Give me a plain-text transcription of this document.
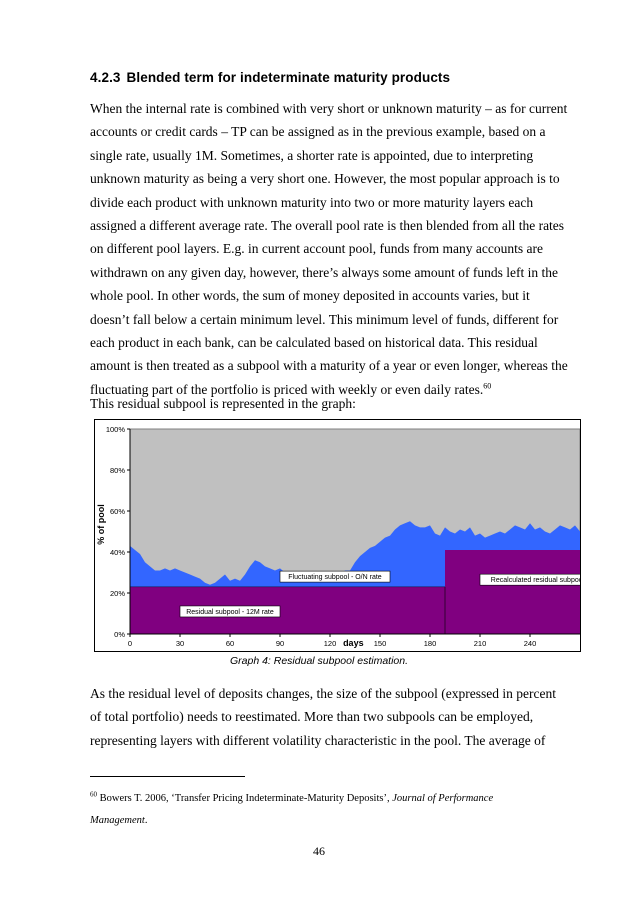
4.2.3 Blended term for indeterminate maturity products

When the internal rate is combined with very short or unknown maturity – as for current
accounts or credit cards – TP can be assigned as in the previous example, based on a
single rate, usually 1M. Sometimes, a shorter rate is appointed, due to interpreting
unknown maturity as being a very short one. However, the most popular approach is to
divide each product with unknown maturity into two or more maturity layers each
assigned a different average rate. The overall pool rate is then blended from all the rates
on different pool layers. E.g. in current account pool, funds from many accounts are
withdrawn on any given day, however, there’s always some amount of funds left in the
whole pool. In other words, the sum of money deposited in accounts varies, but it
doesn’t fall below a certain minimum level. This minimum level of funds, different for
each product in each bank, can be calculated based on historical data. This residual
amount is then treated as a subpool with a maturity of a year or even longer, whereas the
fluctuating part of the portfolio is priced with weekly or even daily rates.$^{60}$

This residual subpool is represented in the graph:

0%
20%
40%
60%
80%
100%
0	30	60	90	120	150	180	210	240
days
% of pool
Fluctuating subpool - O/N rate	Recalculated residual subpool
Residual subpool - 12M rate
Graph 4: Residual subpool estimation.

As the residual level of deposits changes, the size of the subpool (expressed in percent
of total portfolio) needs to reestimated. More than two subpools can be employed,
representing layers with different volatility characteristic in the pool. The average of

$^{60}$ Bowers T. 2006, ‘Transfer Pricing Indeterminate-Maturity Deposits’, Journal of Performance
Management.
46
